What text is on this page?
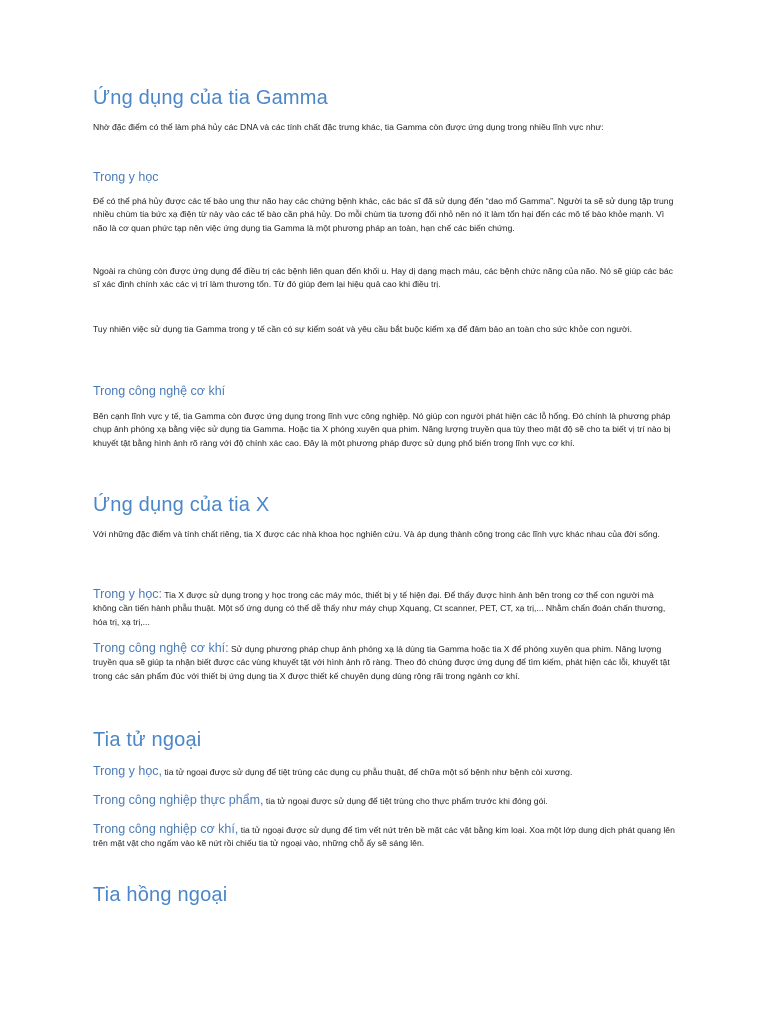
Ứng dụng của tia Gamma

Nhờ đặc điểm có thể làm phá hủy các DNA và các tính chất đặc trưng khác, tia Gamma còn được ứng dụng trong nhiều lĩnh vực như:

Trong y học

Để có thể phá hủy được các tế bào ung thư não hay các chứng bệnh khác, các bác sĩ đã sử dụng đến “dao mổ Gamma”. Người ta sẽ sử dụng tập trung nhiều chùm tia bức xạ điện từ này vào các tế bào cần phá hủy. Do mỗi chùm tia tương đối nhỏ nên nó ít làm tổn hại đến các mô tế bào khỏe mạnh. Vì não là cơ quan phức tạp nên việc ứng dụng tia Gamma là một phương pháp an toàn, hạn chế các biến chứng.

Ngoài ra chúng còn được ứng dụng để điều trị các bệnh liên quan đến khối u. Hay dị dạng mạch máu, các bệnh chức năng của não. Nó sẽ giúp các bác sĩ xác định chính xác các vị trí làm thương tổn. Từ đó giúp đem lại hiệu quả cao khi điều trị.

Tuy nhiên việc sử dụng tia Gamma trong y tế cần có sự kiểm soát và yêu cầu bắt buộc kiểm xạ để đảm bảo an toàn cho sức khỏe con người.

Trong công nghệ cơ khí

Bên cạnh lĩnh vực y tế, tia Gamma còn được ứng dụng trong lĩnh vực công nghiệp. Nó giúp con người phát hiện các lỗ hổng. Đó chính là phương pháp chụp ảnh phóng xạ bằng việc sử dụng tia Gamma. Hoặc tia X phóng xuyên qua phim. Năng lượng truyền qua tùy theo mật độ sẽ cho ta biết vị trí nào bị khuyết tật bằng hình ảnh rõ ràng với độ chính xác cao. Đây là một phương pháp được sử dụng phổ biến trong lĩnh vực cơ khí.

Ứng dụng của tia X

Với những đặc điểm và tính chất riêng, tia X được các nhà khoa học nghiên cứu. Và áp dụng thành công trong các lĩnh vực khác nhau của đời sống.

Trong y học: Tia X được sử dụng trong y học trong các máy móc, thiết bị y tế hiện đại. Để thấy được hình ảnh bên trong cơ thể con người mà không cần tiến hành phẫu thuật. Một số ứng dụng có thể dễ thấy như máy chụp Xquang, Ct scanner, PET, CT, xạ trị,... Nhằm chẩn đoán chấn thương, hóa trị, xạ trị,...

Trong công nghệ cơ khí: Sử dụng phương pháp chụp ảnh phóng xạ là dùng tia Gamma hoặc tia X để phóng xuyên qua phim. Năng lượng truyền qua sẽ giúp ta nhận biết được các vùng khuyết tật với hình ảnh rõ ràng. Theo đó chúng được ứng dụng để tìm kiếm, phát hiện các lỗi, khuyết tật trong các sản phẩm đúc với thiết bị ứng dụng tia X được thiết kế chuyên dụng dùng rộng rãi trong ngành cơ khí.

Tia tử ngoại

Trong y học, tia tử ngoại được sử dụng để tiệt trùng các dụng cụ phẫu thuật, để chữa một số bệnh như bệnh còi xương.

Trong công nghiệp thực phẩm, tia tử ngoại được sử dụng để tiệt trùng cho thực phẩm trước khi đóng gói.

Trong công nghiệp cơ khí, tia tử ngoại được sử dụng để tìm vết nứt trên bề mặt các vật bằng kim loại. Xoa một lớp dung dịch phát quang lên trên mặt vật cho ngấm vào kẽ nứt rồi chiếu tia tử ngoại vào, những chỗ ấy sẽ sáng lên.

Tia hồng ngoại
